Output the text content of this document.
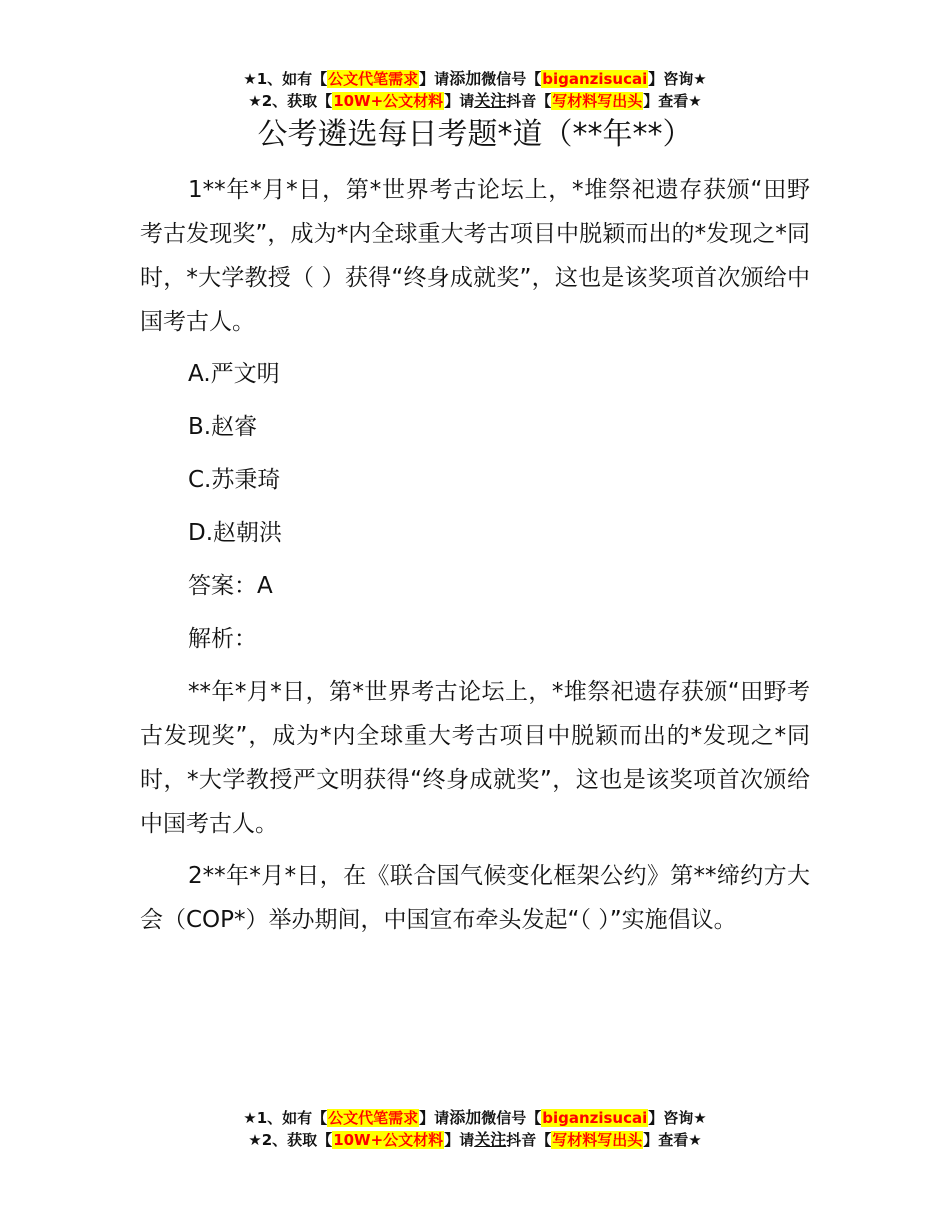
★1、如有【公文代笔需求】请添加微信号【biganzisucai】咨询★
★2、获取【10W+公文材料】请关注抖音【写材料写出头】查看★
公考遴选每日考题*道（**年**）

1**年*月*日，第*世界考古论坛上，*堆祭祀遗存获颁“田野考古发现奖”，成为*内全球重大考古项目中脱颖而出的*发现之*同时，*大学教授（ ）获得“终身成就奖”，这也是该奖项首次颁给中国考古人。

A.严文明

B.赵睿

C.苏秉琦

D.赵朝洪

答案：A

解析：

**年*月*日，第*世界考古论坛上，*堆祭祀遗存获颁“田野考古发现奖”，成为*内全球重大考古项目中脱颖而出的*发现之*同时，*大学教授严文明获得“终身成就奖”，这也是该奖项首次颁给中国考古人。

2**年*月*日，在《联合国气候变化框架公约》第**缔约方大会（COP*）举办期间，中国宣布牵头发起“（ ）”实施倡议。

★1、如有【公文代笔需求】请添加微信号【biganzisucai】咨询★
★2、获取【10W+公文材料】请关注抖音【写材料写出头】查看★
